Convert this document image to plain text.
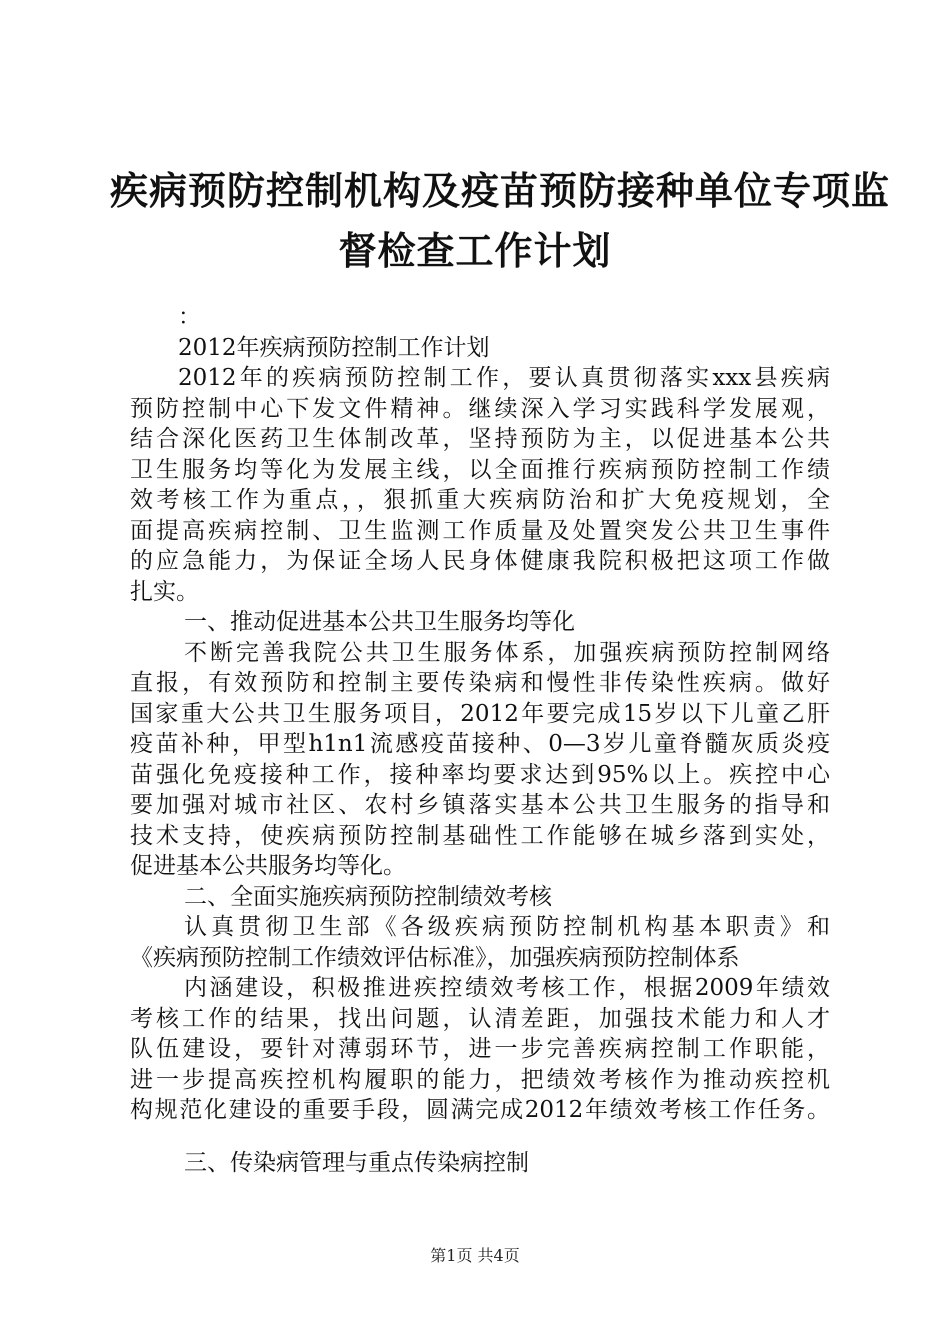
疾病预防控制机构及疫苗预防接种单位专项监
督检查工作计划
：
2012年疾病预防控制工作计划
2012年的疾病预防控制工作，要认真贯彻落实xxx县疾病
预防控制中心下发文件精神。继续深入学习实践科学发展观，
结合深化医药卫生体制改革，坚持预防为主，以促进基本公共
卫生服务均等化为发展主线，以全面推行疾病预防控制工作绩
效考核工作为重点，，狠抓重大疾病防治和扩大免疫规划，全
面提高疾病控制、卫生监测工作质量及处置突发公共卫生事件
的应急能力，为保证全场人民身体健康我院积极把这项工作做
扎实。
一、推动促进基本公共卫生服务均等化
不断完善我院公共卫生服务体系，加强疾病预防控制网络
直报，有效预防和控制主要传染病和慢性非传染性疾病。做好
国家重大公共卫生服务项目，2012年要完成15岁以下儿童乙肝
疫苗补种，甲型h1n1流感疫苗接种、0—3岁儿童脊髓灰质炎疫
苗强化免疫接种工作，接种率均要求达到95%以上。疾控中心
要加强对城市社区、农村乡镇落实基本公共卫生服务的指导和
技术支持，使疾病预防控制基础性工作能够在城乡落到实处，
促进基本公共服务均等化。
二、全面实施疾病预防控制绩效考核
认真贯彻卫生部《各级疾病预防控制机构基本职责》和
《疾病预防控制工作绩效评估标准》，加强疾病预防控制体系
内涵建设，积极推进疾控绩效考核工作，根据2009年绩效
考核工作的结果，找出问题，认清差距，加强技术能力和人才
队伍建设，要针对薄弱环节，进一步完善疾病控制工作职能，
进一步提高疾控机构履职的能力，把绩效考核作为推动疾控机
构规范化建设的重要手段，圆满完成2012年绩效考核工作任务。
三、传染病管理与重点传染病控制
第1页 共4页
